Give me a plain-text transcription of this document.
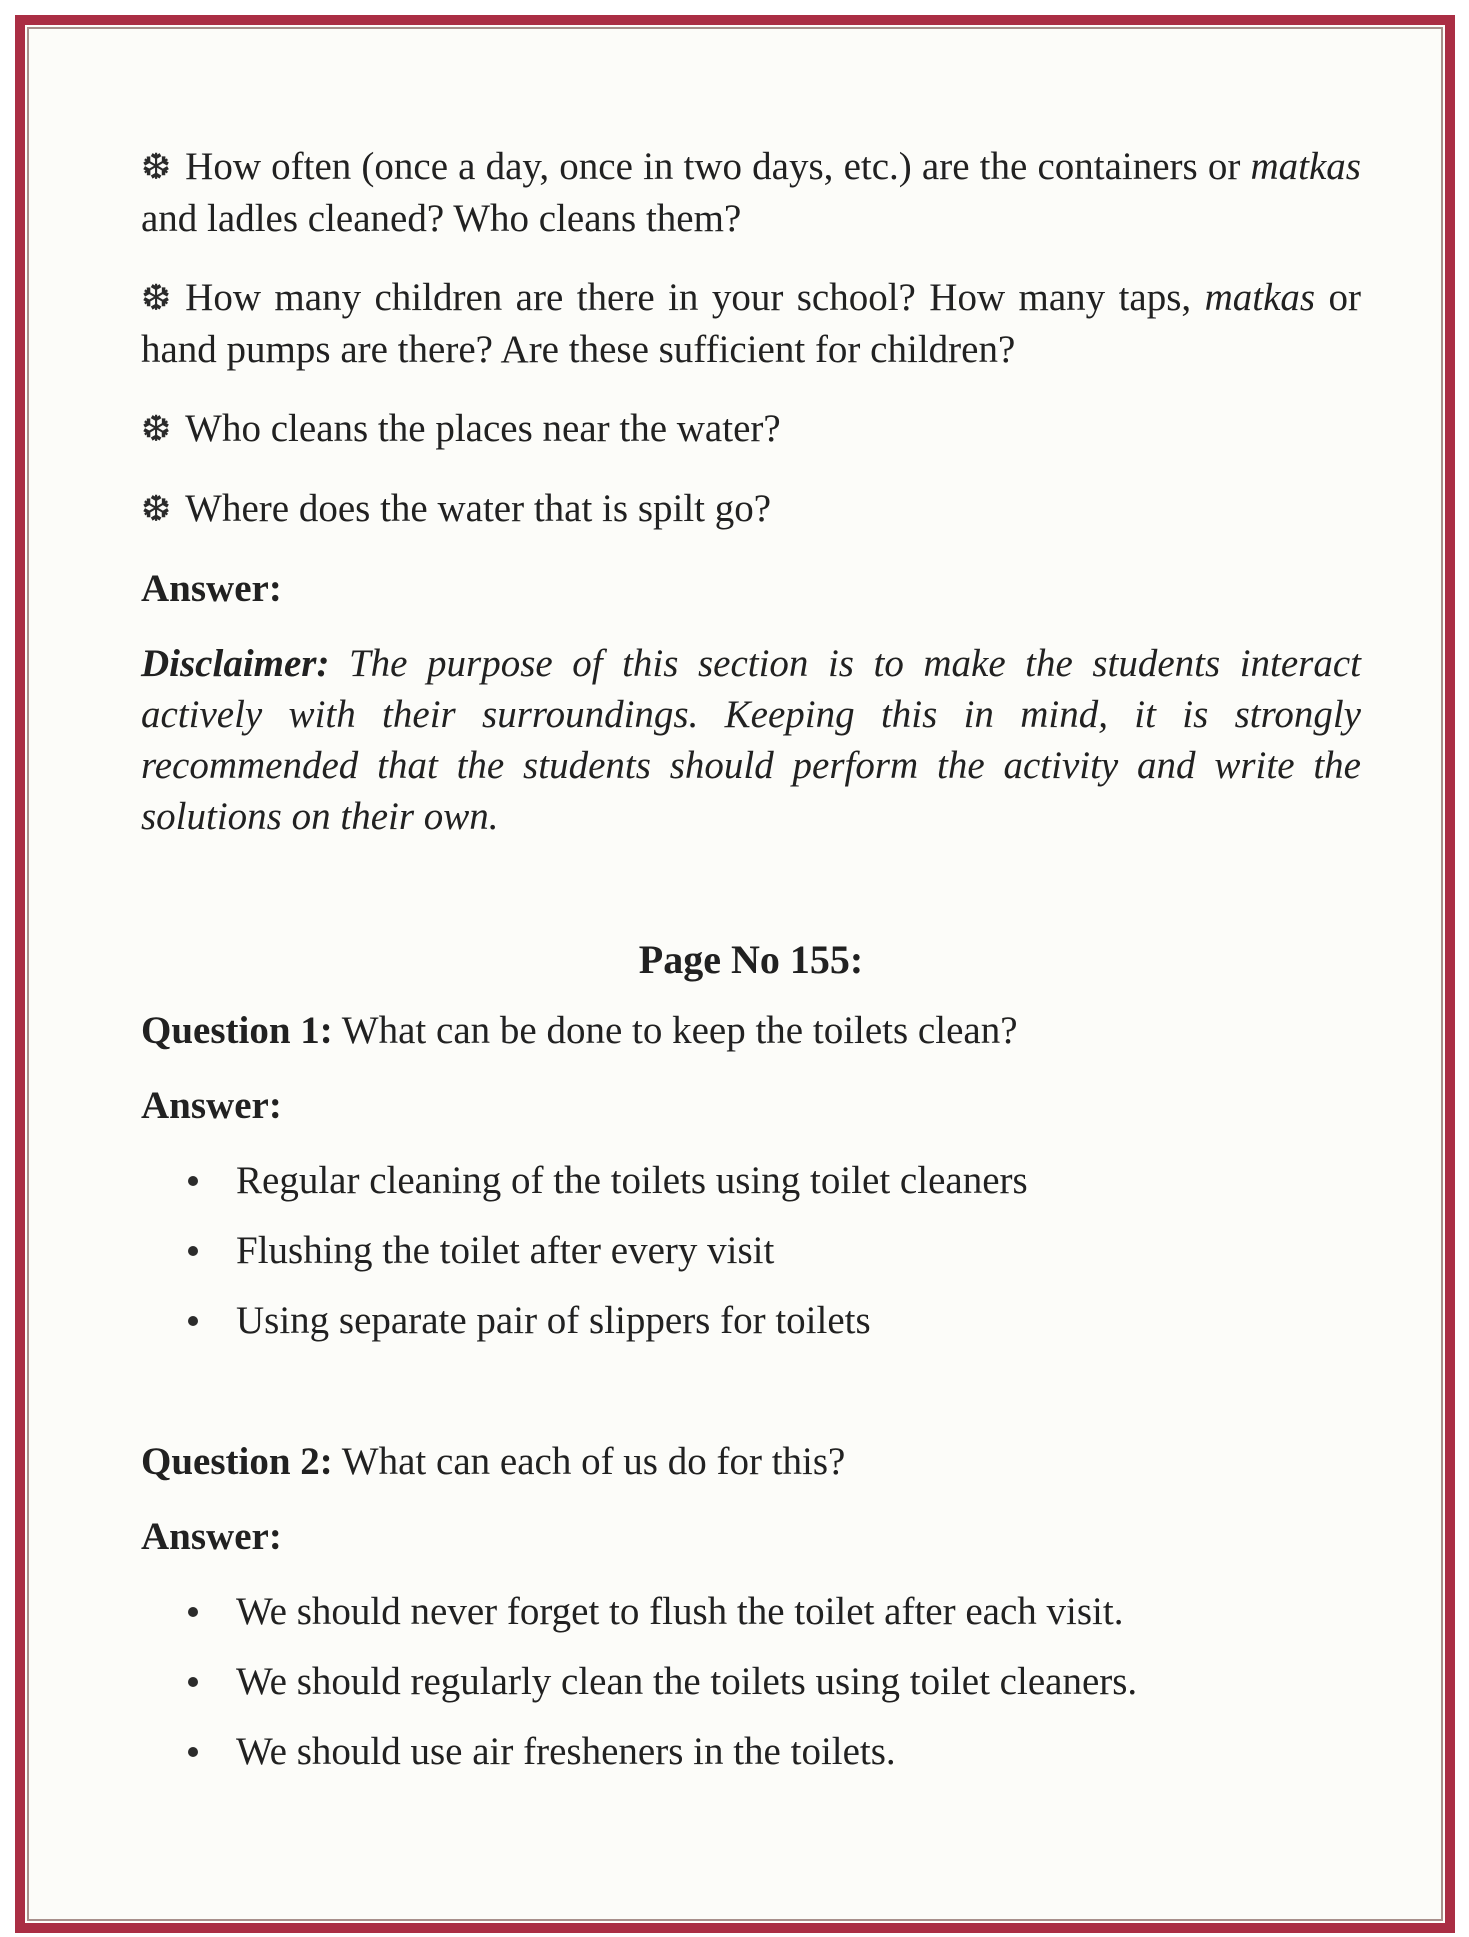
❆ How often (once a day, once in two days, etc.) are the containers or matkas and ladles cleaned? Who cleans them?

❆ How many children are there in your school? How many taps, matkas or hand pumps are there? Are these sufficient for children?

❆ Who cleans the places near the water?

❆ Where does the water that is spilt go?

Answer:

Disclaimer: The purpose of this section is to make the students interact actively with their surroundings. Keeping this in mind, it is strongly recommended that the students should perform the activity and write the solutions on their own.

Page No 155:

Question 1: What can be done to keep the toilets clean?

Answer:

Regular cleaning of the toilets using toilet cleaners
Flushing the toilet after every visit
Using separate pair of slippers for toilets

Question 2: What can each of us do for this?

Answer:

We should never forget to flush the toilet after each visit.
We should regularly clean the toilets using toilet cleaners.
We should use air fresheners in the toilets.
